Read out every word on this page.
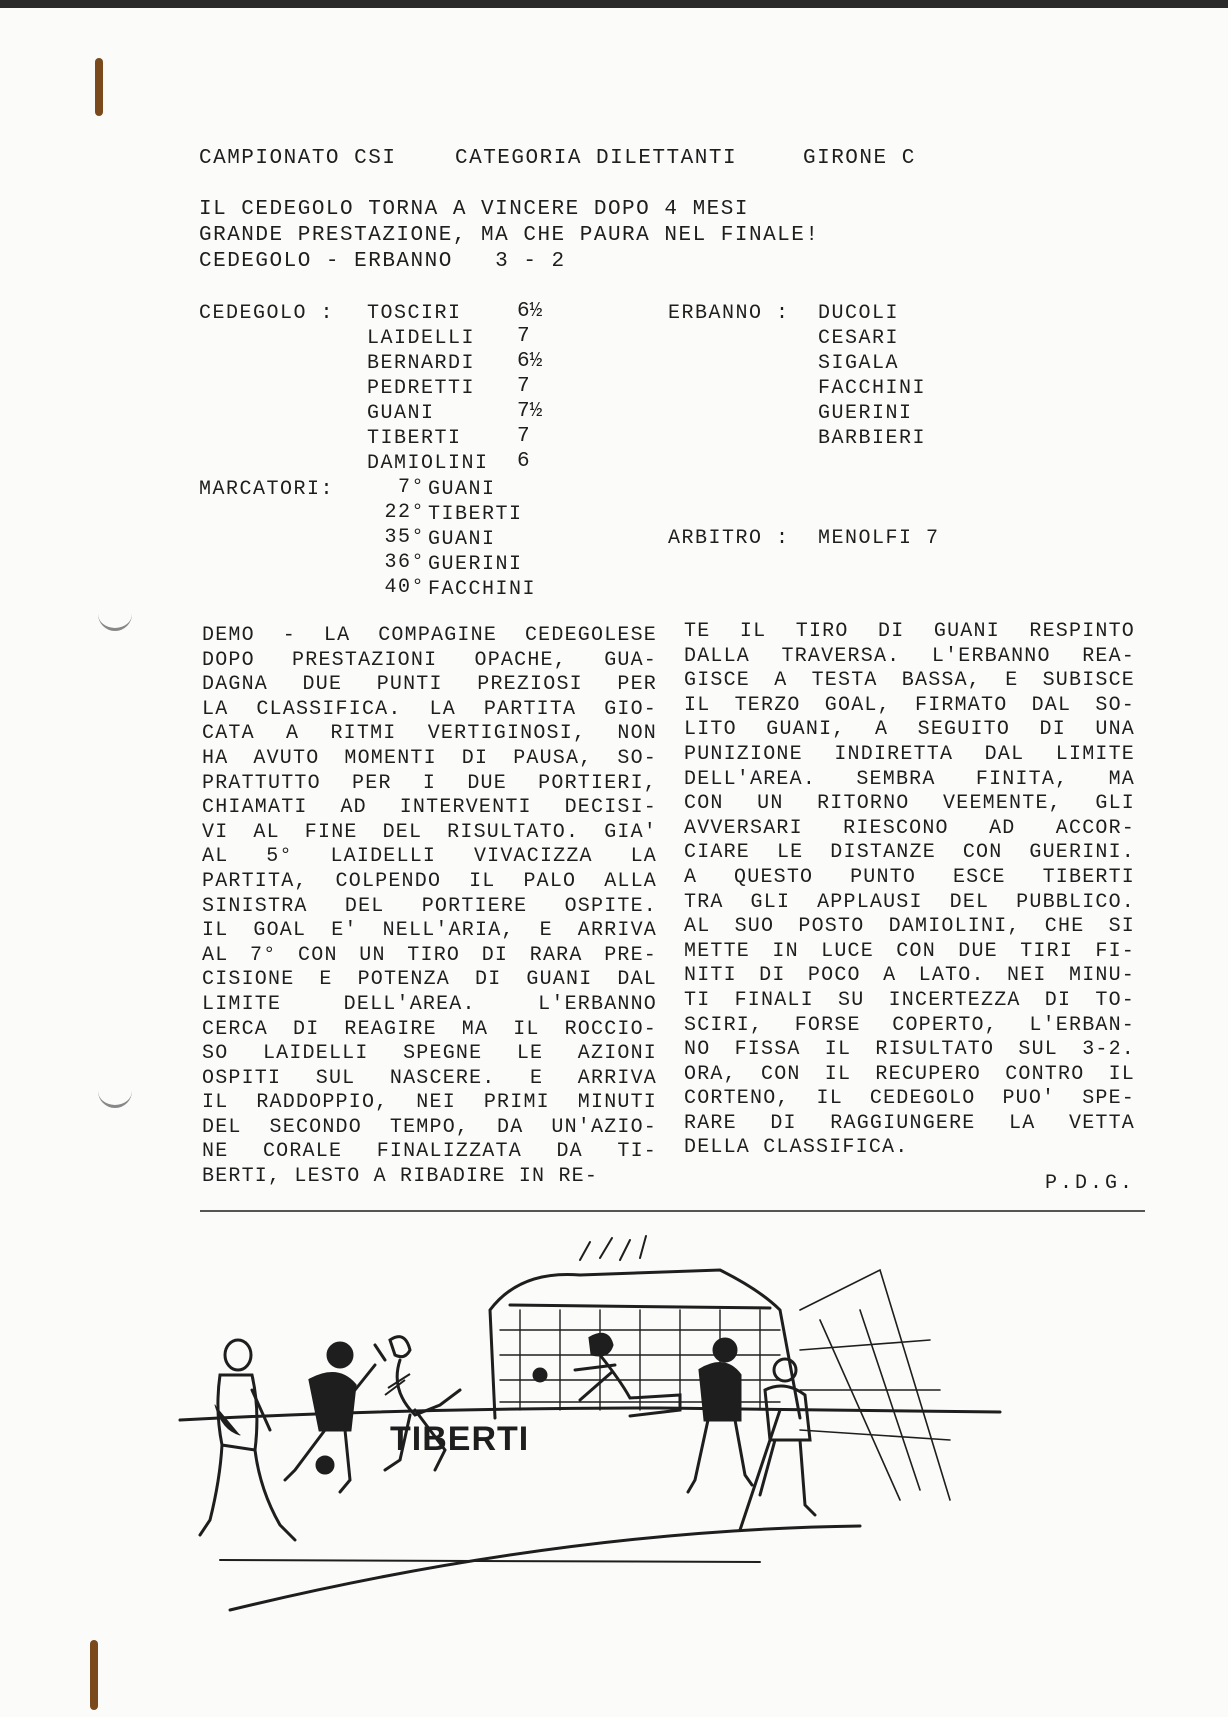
CAMPIONATO CSI	CATEGORIA DILETTANTI	GIRONE C
IL CEDEGOLO TORNA A VINCERE DOPO 4 MESI
GRANDE PRESTAZIONE, MA CHE PAURA NEL FINALE!
CEDEGOLO - ERBANNO   3 - 2
CEDEGOLO : TOSCIRI	6½
LAIDELLI 7
BERNARDI 6½
PEDRETTI 7
GUANI	7½
TIBERTI	7
DAMIOLINI 6
ERBANNO : DUCOLI
CESARI
SIGALA
FACCHINI
GUERINI
BARBIERI
MARCATORI:	7° GUANI
22° TIBERTI
35° GUANI
36° GUERINI
40° FACCHINI
ARBITRO : MENOLFI 7
DEMO - LA COMPAGINE CEDEGOLESE
DOPO PRESTAZIONI OPACHE, GUA-
DAGNA DUE PUNTI PREZIOSI PER
LA CLASSIFICA. LA PARTITA GIO-
CATA A RITMI VERTIGINOSI, NON
HA AVUTO MOMENTI DI PAUSA, SO-
PRATTUTTO PER I DUE PORTIERI,
CHIAMATI AD INTERVENTI DECISI-
VI AL FINE DEL RISULTATO. GIA'
AL 5° LAIDELLI VIVACIZZA LA
PARTITA, COLPENDO IL PALO ALLA
SINISTRA DEL PORTIERE OSPITE.
IL GOAL E' NELL'ARIA, E ARRIVA
AL 7° CON UN TIRO DI RARA PRE-
CISIONE E POTENZA DI GUANI DAL
LIMITE DELL'AREA. L'ERBANNO
CERCA DI REAGIRE MA IL ROCCIO-
SO LAIDELLI SPEGNE LE AZIONI
OSPITI SUL NASCERE. E ARRIVA
IL RADDOPPIO, NEI PRIMI MINUTI
DEL SECONDO TEMPO, DA UN'AZIO-
NE CORALE FINALIZZATA DA TI-
BERTI, LESTO A RIBADIRE IN RE-
TE IL TIRO DI GUANI RESPINTO
DALLA TRAVERSA. L'ERBANNO REA-
GISCE A TESTA BASSA, E SUBISCE
IL TERZO GOAL, FIRMATO DAL SO-
LITO GUANI, A SEGUITO DI UNA
PUNIZIONE INDIRETTA DAL LIMITE
DELL'AREA. SEMBRA FINITA, MA
CON UN RITORNO VEEMENTE, GLI
AVVERSARI RIESCONO AD ACCOR-
CIARE LE DISTANZE CON GUERINI.
A QUESTO PUNTO ESCE TIBERTI
TRA GLI APPLAUSI DEL PUBBLICO.
AL SUO POSTO DAMIOLINI, CHE SI
METTE IN LUCE CON DUE TIRI FI-
NITI DI POCO A LATO. NEI MINU-
TI FINALI SU INCERTEZZA DI TO-
SCIRI, FORSE COPERTO, L'ERBAN-
NO FISSA IL RISULTATO SUL 3-2.
ORA, CON IL RECUPERO CONTRO IL
CORTENO, IL CEDEGOLO PUO' SPE-
RARE DI RAGGIUNGERE LA VETTA
DELLA CLASSIFICA.
P.D.G.
TIBERTI
